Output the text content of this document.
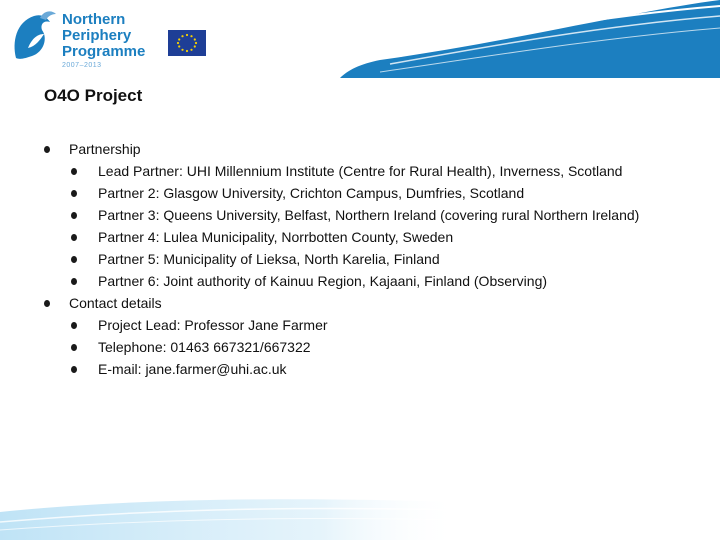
Northern
Periphery
Programme
2007–2013
O4O Project
Partnership
Lead Partner: UHI Millennium Institute (Centre for Rural Health), Inverness, Scotland
Partner 2: Glasgow University, Crichton Campus, Dumfries, Scotland
Partner 3: Queens University, Belfast, Northern Ireland (covering rural Northern Ireland)
Partner 4: Lulea Municipality, Norrbotten County, Sweden
Partner 5: Municipality of Lieksa, North Karelia, Finland
Partner 6: Joint authority of Kainuu Region, Kajaani, Finland (Observing)
Contact details
Project Lead: Professor Jane Farmer
Telephone: 01463 667321/667322
E-mail: jane.farmer@uhi.ac.uk
